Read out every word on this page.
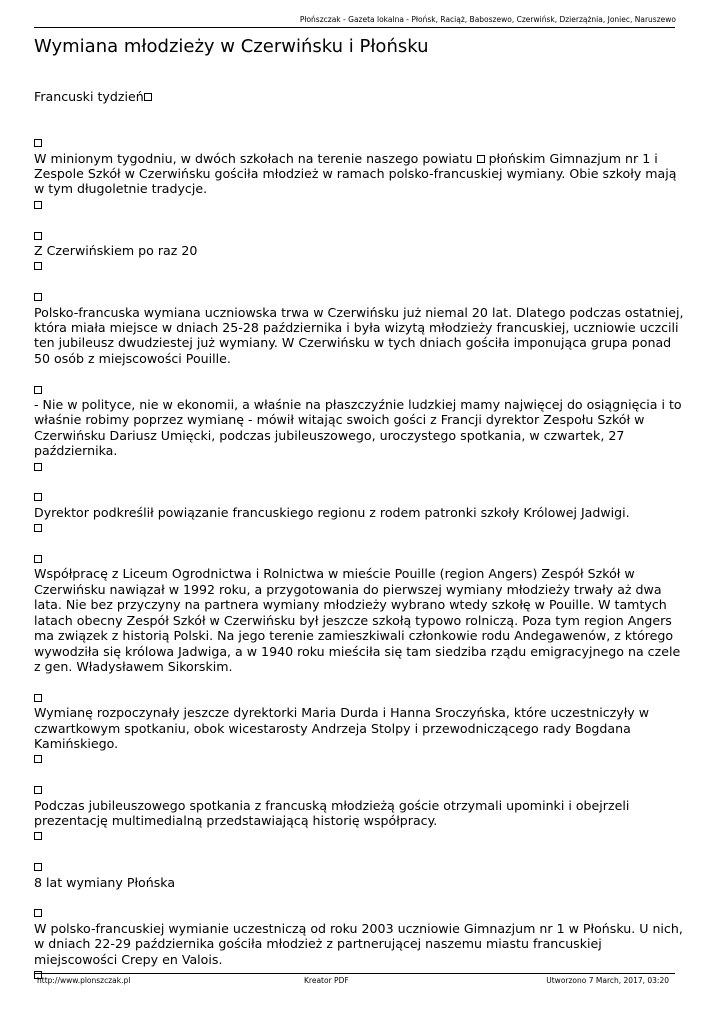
Płońszczak - Gazeta lokalna - Płońsk, Raciąż, Baboszewo, Czerwińsk, Dzierzążnia, Joniec, Naruszewo
Wymiana młodzieży w Czerwińsku i Płońsku
Francuski tydzień
W minionym tygodniu, w dwóch szkołach na terenie naszego powiatu płońskim Gimnazjum nr 1 i Zespole Szkół w Czerwińsku gościła młodzież w ramach polsko-francuskiej wymiany. Obie szkoły mają w tym długoletnie tradycje.
Z Czerwińskiem po raz 20
Polsko-francuska wymiana uczniowska trwa w Czerwińsku już niemal 20 lat. Dlatego podczas ostatniej, która miała miejsce w dniach 25-28 października i była wizytą młodzieży francuskiej, uczniowie uczcili ten jubileusz dwudziestej już wymiany. W Czerwińsku w tych dniach gościła imponująca grupa ponad 50 osób z miejscowości Pouille.
- Nie w polityce, nie w ekonomii, a właśnie na płaszczyźnie ludzkiej mamy najwięcej do osiągnięcia i to właśnie robimy poprzez wymianę - mówił witając swoich gości z Francji dyrektor Zespołu Szkół w Czerwińsku Dariusz Umięcki, podczas jubileuszowego, uroczystego spotkania, w czwartek, 27 października.
Dyrektor podkreślił powiązanie francuskiego regionu z rodem patronki szkoły Królowej Jadwigi.
Współpracę z Liceum Ogrodnictwa i Rolnictwa w mieście Pouille (region Angers) Zespół Szkół w Czerwińsku nawiązał w 1992 roku, a przygotowania do pierwszej wymiany młodzieży trwały aż dwa lata. Nie bez przyczyny na partnera wymiany młodzieży wybrano wtedy szkołę w Pouille. W tamtych latach obecny Zespół Szkół w Czerwińsku był jeszcze szkołą typowo rolniczą. Poza tym region Angers ma związek z historią Polski. Na jego terenie zamieszkiwali członkowie rodu Andegawenów, z którego wywodziła się królowa Jadwiga, a w 1940 roku mieściła się tam siedziba rządu emigracyjnego na czele z gen. Władysławem Sikorskim.
Wymianę rozpoczynały jeszcze dyrektorki Maria Durda i Hanna Sroczyńska, które uczestniczyły w czwartkowym spotkaniu, obok wicestarosty Andrzeja Stolpy i przewodniczącego rady Bogdana Kamińskiego.
Podczas jubileuszowego spotkania z francuską młodzieżą goście otrzymali upominki i obejrzeli prezentację multimedialną przedstawiającą historię współpracy.
8 lat wymiany Płońska
W polsko-francuskiej wymianie uczestniczą od roku 2003 uczniowie Gimnazjum nr 1 w Płońsku. U nich, w dniach 22-29 października gościła młodzież z partnerującej naszemu miastu francuskiej miejscowości Crepy en Valois.
http://www.plonszczak.pl	Kreator PDF	Utworzono 7 March, 2017, 03:20
